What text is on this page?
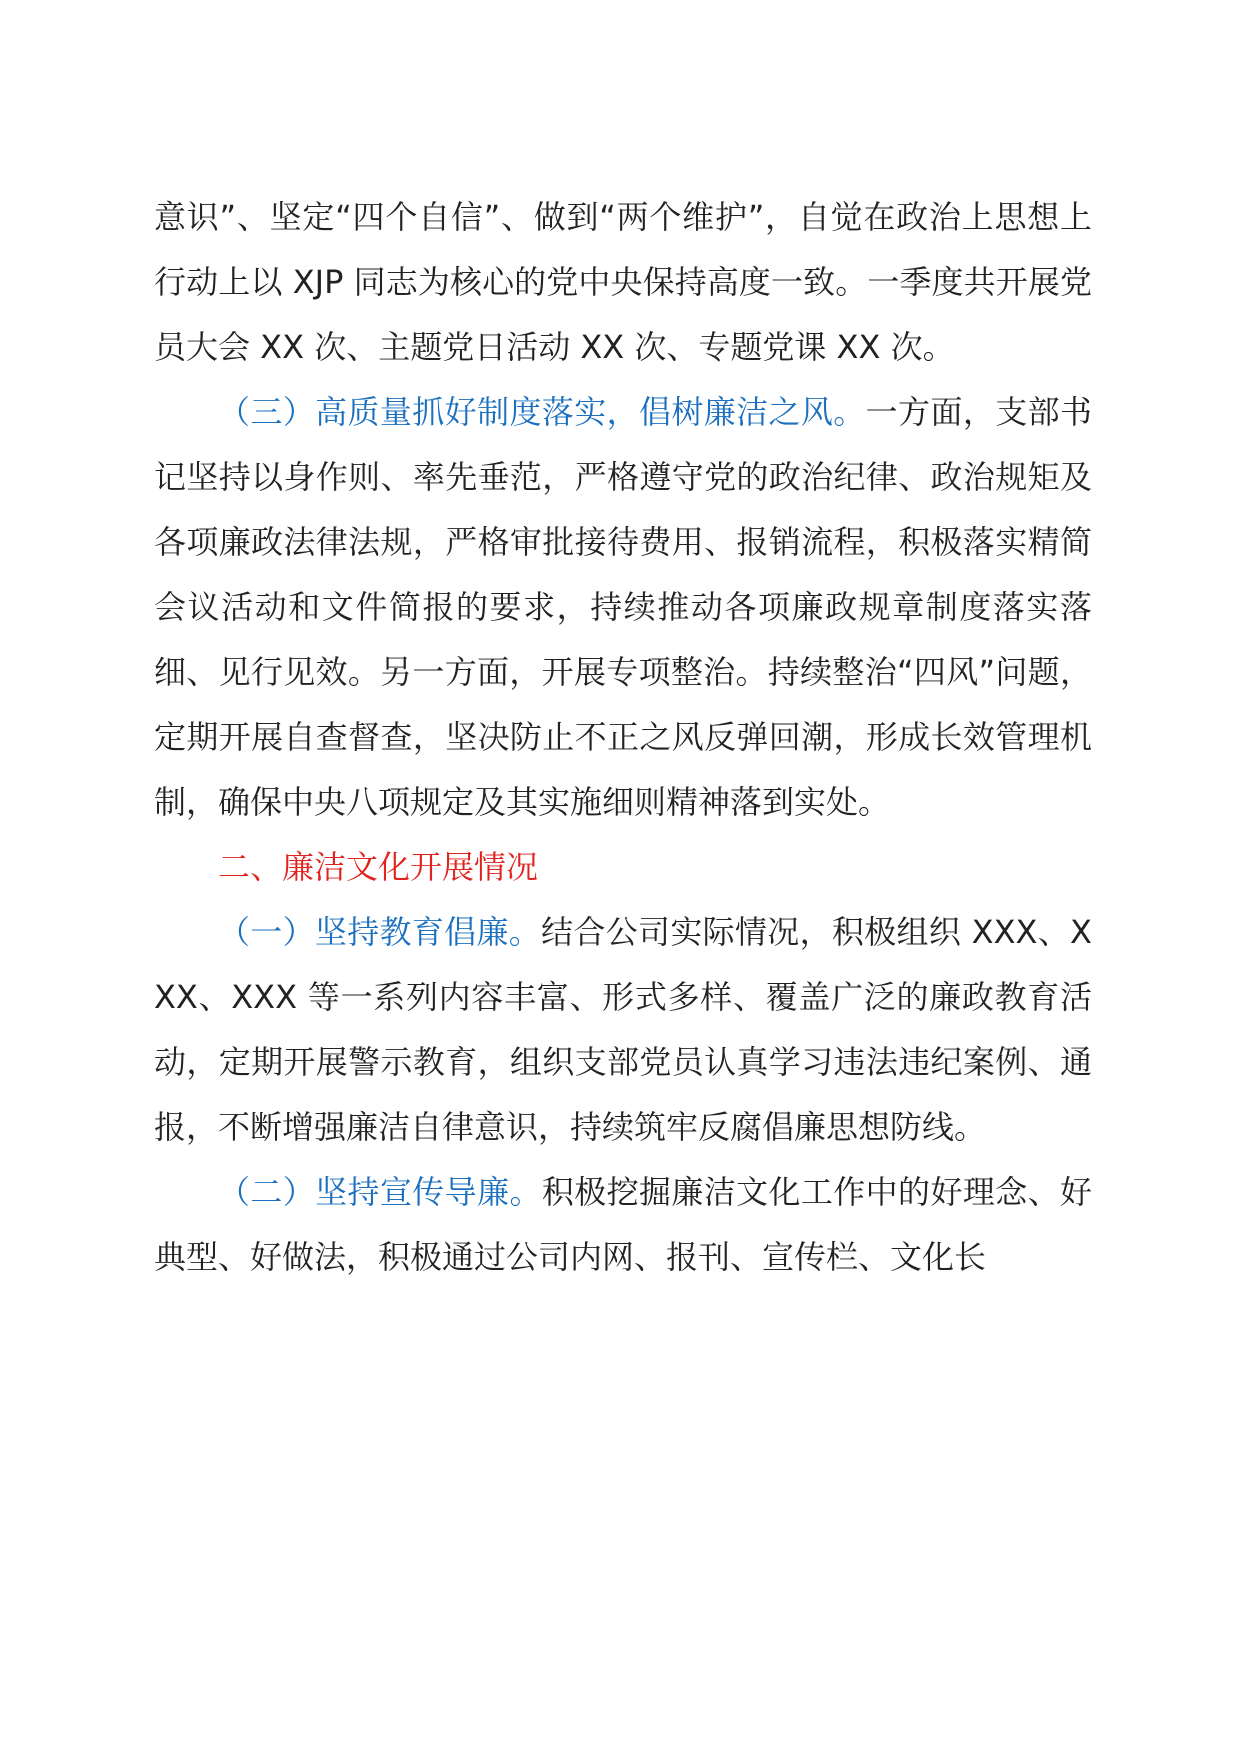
意识”、坚定“四个自信”、做到“两个维护”，自觉在政治上思想上行动上以 XJP 同志为核心的党中央保持高度一致。一季度共开展党员大会 XX 次、主题党日活动 XX 次、专题党课 XX 次。

（三）高质量抓好制度落实，倡树廉洁之风。一方面，支部书记坚持以身作则、率先垂范，严格遵守党的政治纪律、政治规矩及各项廉政法律法规，严格审批接待费用、报销流程，积极落实精简会议活动和文件简报的要求，持续推动各项廉政规章制度落实落细、见行见效。另一方面，开展专项整治。持续整治“四风”问题，定期开展自查督查，坚决防止不正之风反弹回潮，形成长效管理机制，确保中央八项规定及其实施细则精神落到实处。

二、廉洁文化开展情况

（一）坚持教育倡廉。结合公司实际情况，积极组织 XXX、XXX、XXX 等一系列内容丰富、形式多样、覆盖广泛的廉政教育活动，定期开展警示教育，组织支部党员认真学习违法违纪案例、通报，不断增强廉洁自律意识，持续筑牢反腐倡廉思想防线。

（二）坚持宣传导廉。积极挖掘廉洁文化工作中的好理念、好典型、好做法，积极通过公司内网、报刊、宣传栏、文化长
